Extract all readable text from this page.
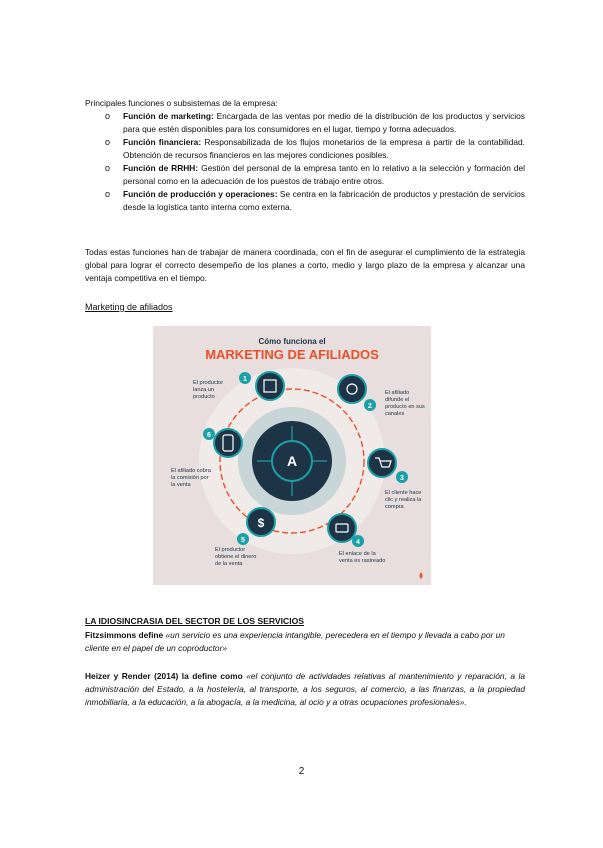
Principales funciones o subsistemas de la empresa:
o Función de marketing: Encargada de las ventas por medio de la distribución de los productos y servicios para que estén disponibles para los consumidores en el lugar, tiempo y forma adecuados.
o Función financiera: Responsabilizada de los flujos monetarios de la empresa a partir de la contabilidad. Obtención de recursos financieros en las mejores condiciones posibles.
o Función de RRHH: Gestión del personal de la empresa tanto en lo relativo a la selección y formación del personal como en la adecuación de los puestos de trabajo entre otros.
o Función de producción y operaciones: Se centra en la fabricación de productos y prestación de servicios desde la logística tanto interna como externa.
Todas estas funciones han de trabajar de manera coordinada, con el fin de asegurar el cumplimiento de la estrategia global para lograr el correcto desempeño de los planes a corto, medio y largo plazo de la empresa y alcanzar una ventaja competitiva en el tiempo.
Marketing de afiliados
Cómo funciona el
MARKETING DE AFILIADOS
A
1
2
3
4
$
5
6
El productor
lanza un
producto
El afiliado
difunde el
producto en sus
canales
El cliente hace
clic y realiza la
compra
El enlace de la
venta es rastreado
El productor
obtiene el dinero
de la venta
El afiliado cobra
la comisión por
la venta
LA IDIOSINCRASIA DEL SECTOR DE LOS SERVICIOS
Fitzsimmons define «un servicio es una experiencia intangible, perecedera en el tiempo y llevada a cabo por un cliente en el papel de un coproductor»
Heizer y Render (2014) la define como «el conjunto de actividades relativas al mantenimiento y reparación, a la administración del Estado, a la hostelería, al transporte, a los seguros, al comercio, a las finanzas, a la propiedad inmobiliaria, a la educación, a la abogacía, a la medicina, al ocio y a otras ocupaciones profesionales».
2
